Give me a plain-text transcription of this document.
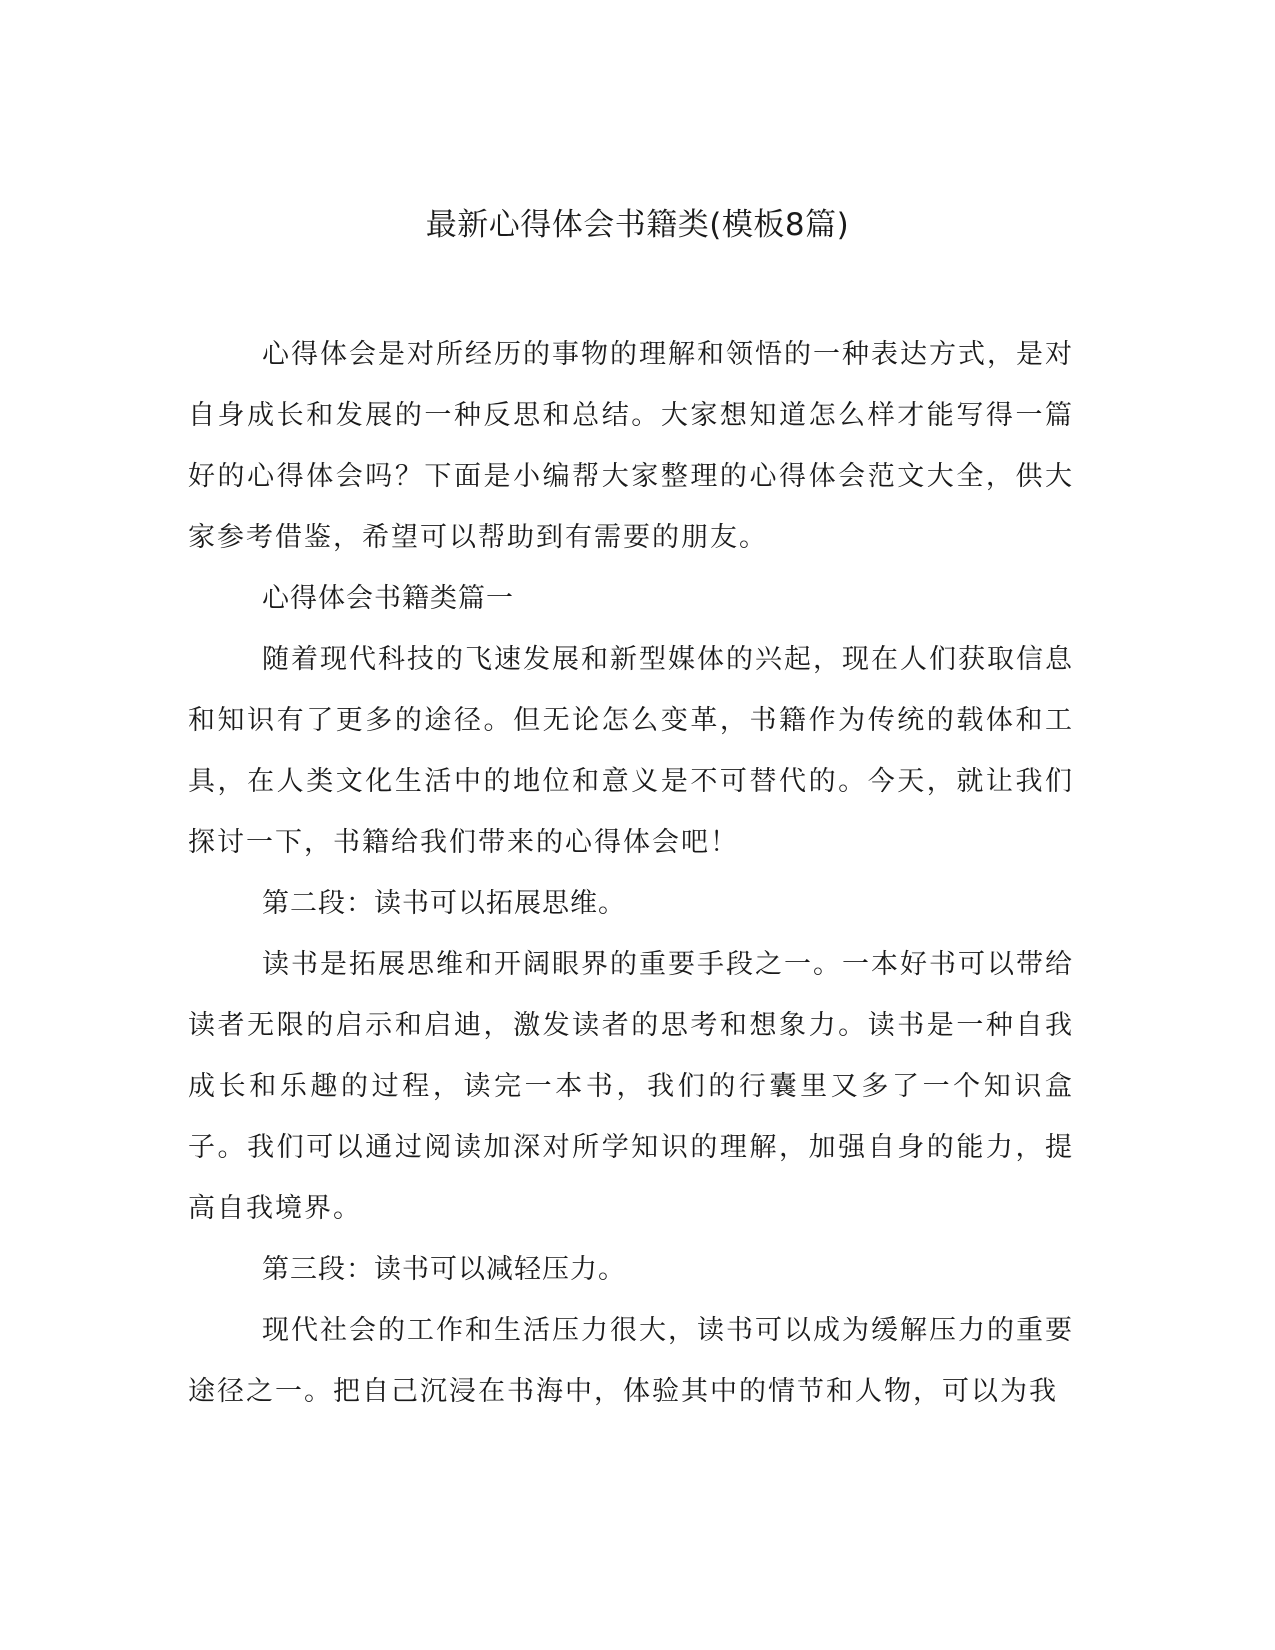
最新心得体会书籍类(模板8篇)

心得体会是对所经历的事物的理解和领悟的一种表达方式，是对自身成长和发展的一种反思和总结。大家想知道怎么样才能写得一篇好的心得体会吗？下面是小编帮大家整理的心得体会范文大全，供大家参考借鉴，希望可以帮助到有需要的朋友。

心得体会书籍类篇一

随着现代科技的飞速发展和新型媒体的兴起，现在人们获取信息和知识有了更多的途径。但无论怎么变革，书籍作为传统的载体和工具，在人类文化生活中的地位和意义是不可替代的。今天，就让我们探讨一下，书籍给我们带来的心得体会吧！

第二段：读书可以拓展思维。

读书是拓展思维和开阔眼界的重要手段之一。一本好书可以带给读者无限的启示和启迪，激发读者的思考和想象力。读书是一种自我成长和乐趣的过程，读完一本书，我们的行囊里又多了一个知识盒子。我们可以通过阅读加深对所学知识的理解，加强自身的能力，提高自我境界。

第三段：读书可以减轻压力。

现代社会的工作和生活压力很大，读书可以成为缓解压力的重要途径之一。把自己沉浸在书海中，体验其中的情节和人物，可以为我
